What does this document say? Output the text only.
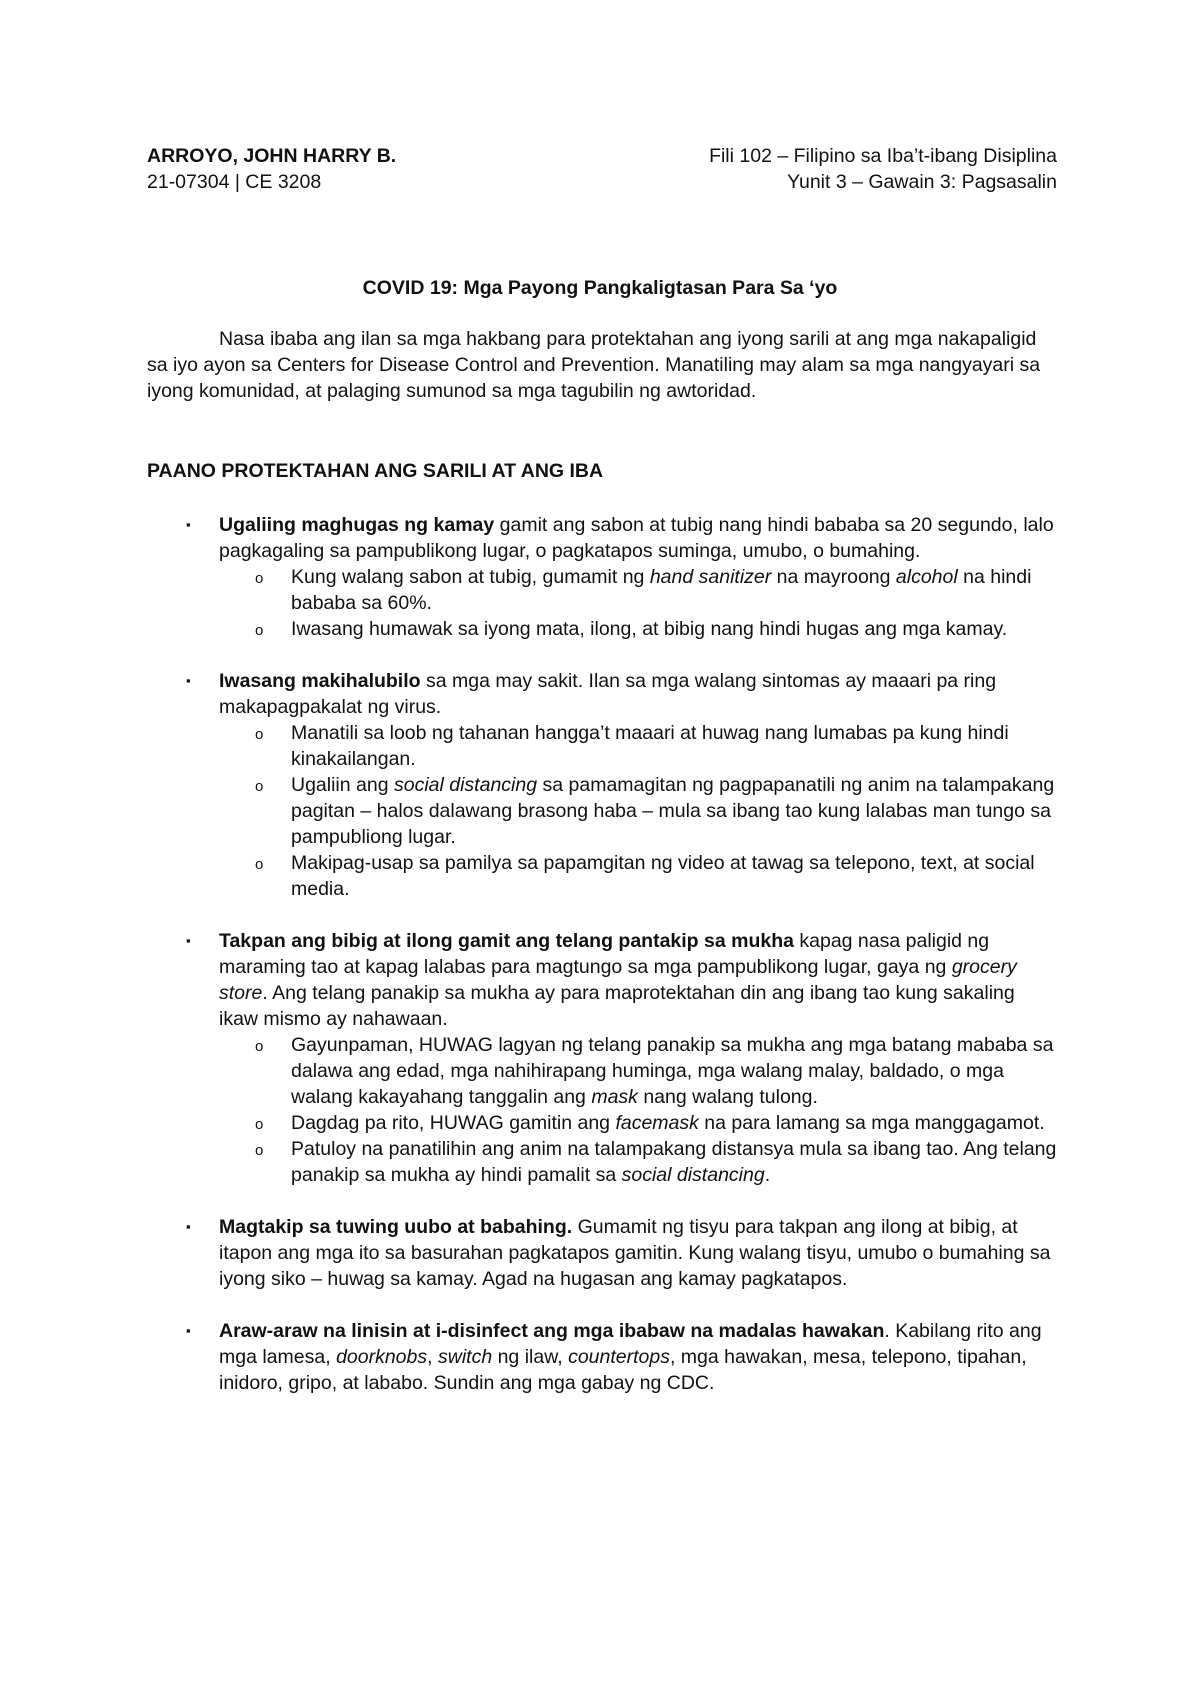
ARROYO, JOHN HARRY B.	Fili 102 – Filipino sa Iba’t-ibang Disiplina
21-07304 | CE 3208	Yunit 3 – Gawain 3: Pagsasalin
COVID 19: Mga Payong Pangkaligtasan Para Sa ‘yo

Nasa ibaba ang ilan sa mga hakbang para protektahan ang iyong sarili at ang mga nakapaligid sa iyo ayon sa Centers for Disease Control and Prevention. Manatiling may alam sa mga nangyayari sa iyong komunidad, at palaging sumunod sa mga tagubilin ng awtoridad.

PAANO PROTEKTAHAN ANG SARILI AT ANG IBA
▪ Ugaliing maghugas ng kamay gamit ang sabon at tubig nang hindi bababa sa 20 segundo, lalo pagkagaling sa pampublikong lugar, o pagkatapos suminga, umubo, o bumahing.
o Kung walang sabon at tubig, gumamit ng hand sanitizer na mayroong alcohol na hindi bababa sa 60%.
o Iwasang humawak sa iyong mata, ilong, at bibig nang hindi hugas ang mga kamay.
▪ Iwasang makihalubilo sa mga may sakit. Ilan sa mga walang sintomas ay maaari pa ring makapagpakalat ng virus.
o Manatili sa loob ng tahanan hangga’t maaari at huwag nang lumabas pa kung hindi kinakailangan.
o Ugaliin ang social distancing sa pamamagitan ng pagpapanatili ng anim na talampakang pagitan – halos dalawang brasong haba – mula sa ibang tao kung lalabas man tungo sa pampubliong lugar.
o Makipag-usap sa pamilya sa papamgitan ng video at tawag sa telepono, text, at social media.
▪ Takpan ang bibig at ilong gamit ang telang pantakip sa mukha kapag nasa paligid ng maraming tao at kapag lalabas para magtungo sa mga pampublikong lugar, gaya ng grocery store. Ang telang panakip sa mukha ay para maprotektahan din ang ibang tao kung sakaling ikaw mismo ay nahawaan.
o Gayunpaman, HUWAG lagyan ng telang panakip sa mukha ang mga batang mababa sa dalawa ang edad, mga nahihirapang huminga, mga walang malay, baldado, o mga walang kakayahang tanggalin ang mask nang walang tulong.
o Dagdag pa rito, HUWAG gamitin ang facemask na para lamang sa mga manggagamot.
o Patuloy na panatilihin ang anim na talampakang distansya mula sa ibang tao. Ang telang panakip sa mukha ay hindi pamalit sa social distancing.
▪ Magtakip sa tuwing uubo at babahing. Gumamit ng tisyu para takpan ang ilong at bibig, at itapon ang mga ito sa basurahan pagkatapos gamitin. Kung walang tisyu, umubo o bumahing sa iyong siko – huwag sa kamay. Agad na hugasan ang kamay pagkatapos.
▪ Araw-araw na linisin at i-disinfect ang mga ibabaw na madalas hawakan. Kabilang rito ang mga lamesa, doorknobs, switch ng ilaw, countertops, mga hawakan, mesa, telepono, tipahan, inidoro, gripo, at lababo. Sundin ang mga gabay ng CDC.
